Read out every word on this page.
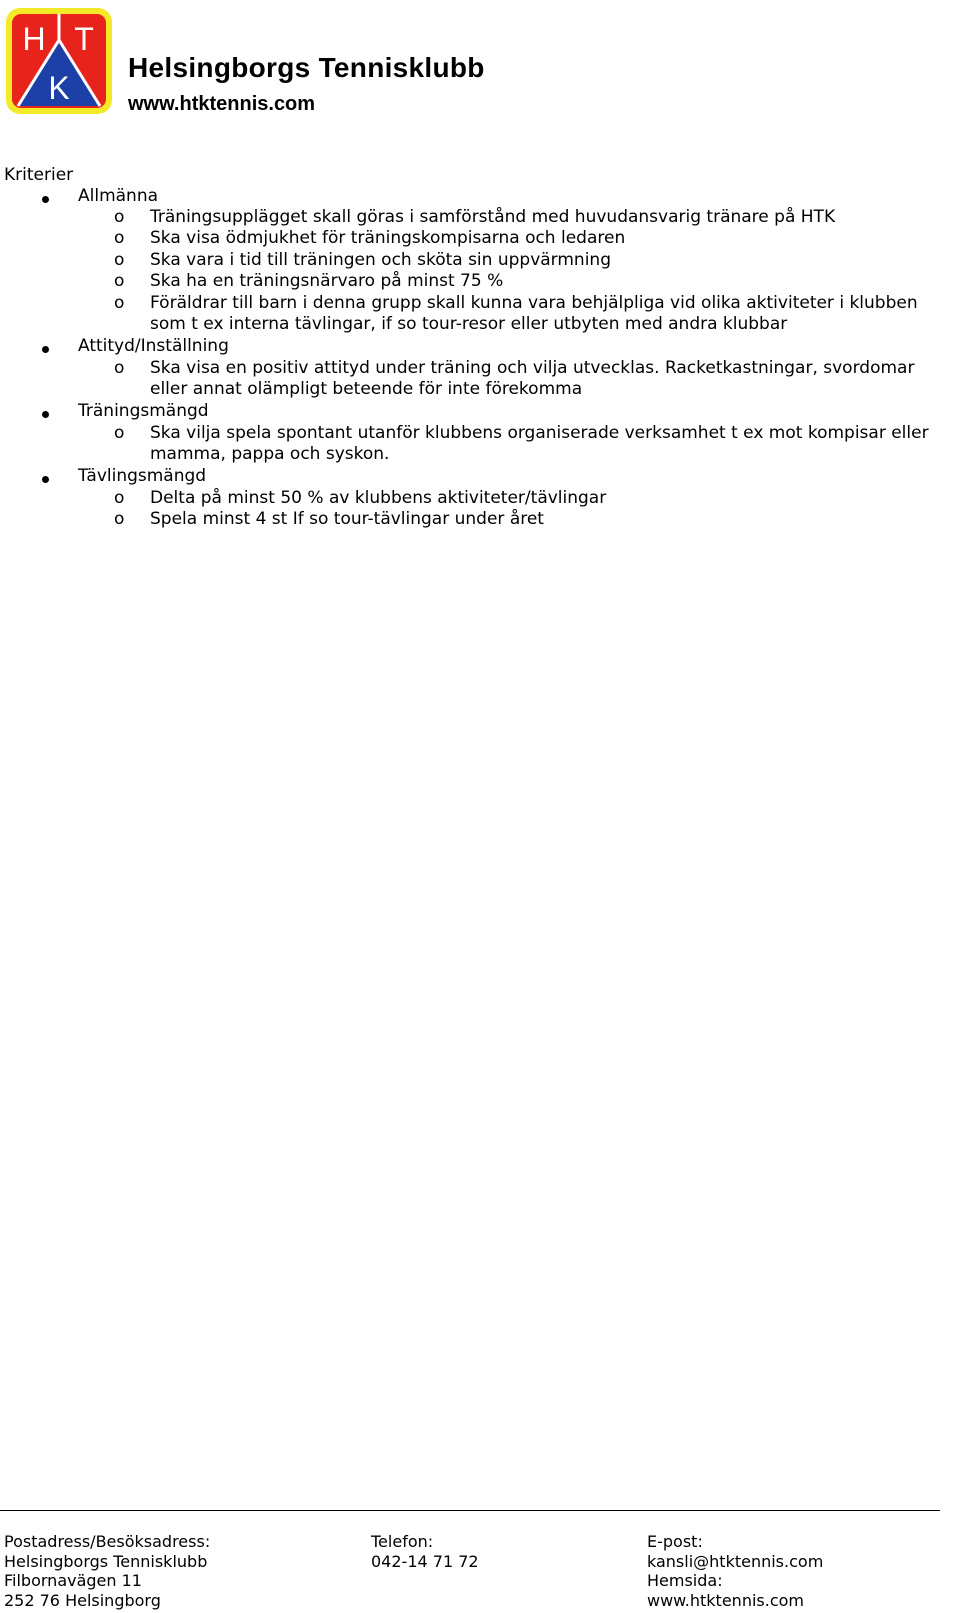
H T
K
Helsingborgs Tennisklubb
www.htktennis.com
Kriterier
Allmänna
o Träningsupplägget skall göras i samförstånd med huvudansvarig tränare på HTK
o Ska visa ödmjukhet för träningskompisarna och ledaren
o Ska vara i tid till träningen och sköta sin uppvärmning
o Ska ha en träningsnärvaro på minst 75 %
o Föräldrar till barn i denna grupp skall kunna vara behjälpliga vid olika aktiviteter i klubben
som t ex interna tävlingar, if so tour-resor eller utbyten med andra klubbar
Attityd/Inställning
o Ska visa en positiv attityd under träning och vilja utvecklas. Racketkastningar, svordomar
eller annat olämpligt beteende för inte förekomma
Träningsmängd
o Ska vilja spela spontant utanför klubbens organiserade verksamhet t ex mot kompisar eller
mamma, pappa och syskon.
Tävlingsmängd
o Delta på minst 50 % av klubbens aktiviteter/tävlingar
o Spela minst 4 st If so tour-tävlingar under året
Postadress/Besöksadress:
Helsingborgs Tennisklubb
Filbornavägen 11
252 76 Helsingborg
Telefon:
042-14 71 72
E-post:
kansli@htktennis.com
Hemsida:
www.htktennis.com
